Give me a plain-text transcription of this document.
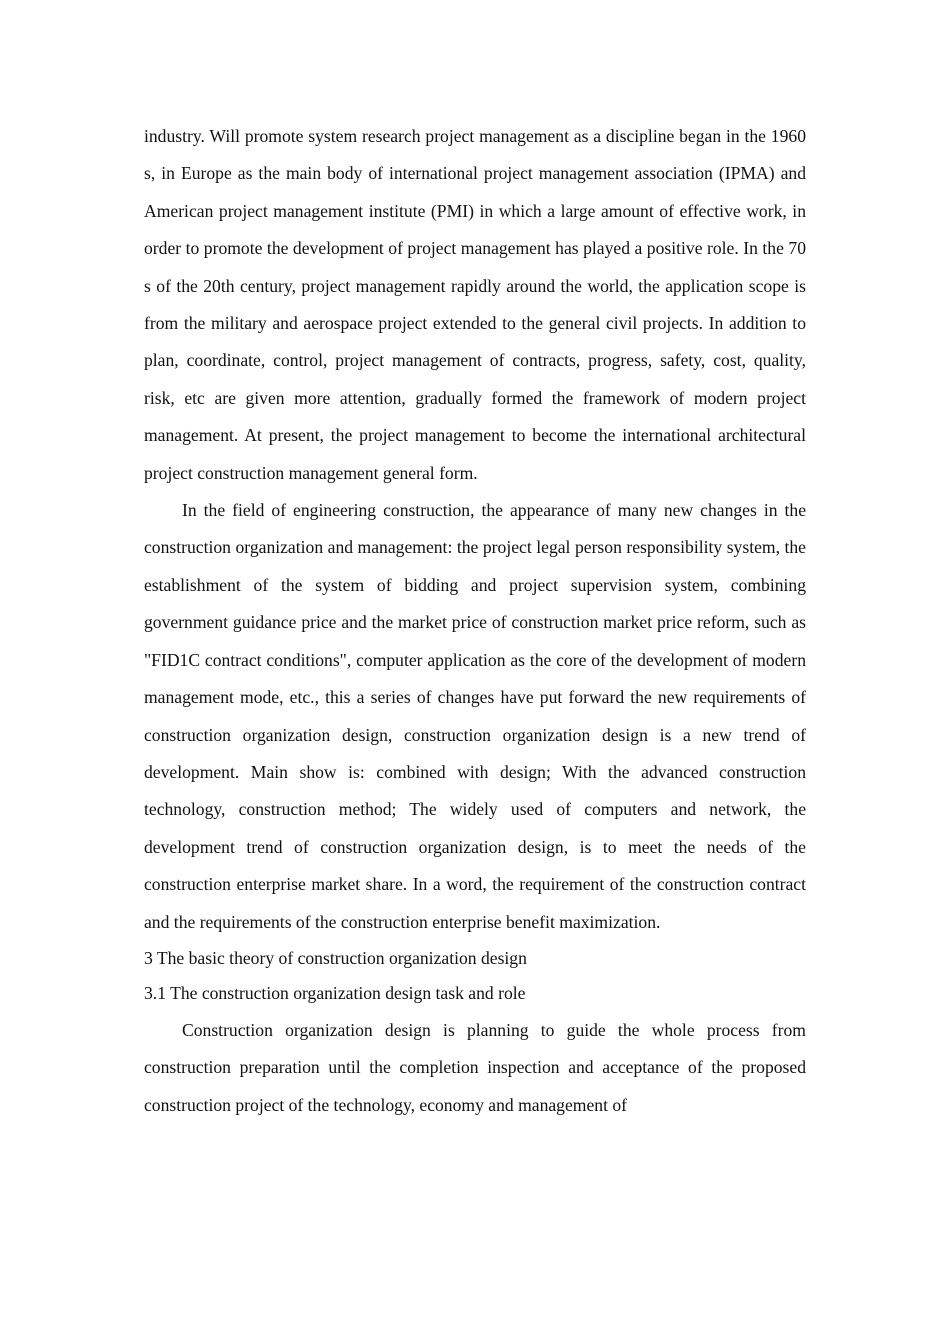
industry. Will promote system research project management as a discipline began in the 1960 s, in Europe as the main body of international project management association (IPMA) and American project management institute (PMI) in which a large amount of effective work, in order to promote the development of project management has played a positive role. In the 70 s of the 20th century, project management rapidly around the world, the application scope is from the military and aerospace project extended to the general civil projects. In addition to plan, coordinate, control, project management of contracts, progress, safety, cost, quality, risk, etc are given more attention, gradually formed the framework of modern project management. At present, the project management to become the international architectural project construction management general form.

In the field of engineering construction, the appearance of many new changes in the construction organization and management: the project legal person responsibility system, the establishment of the system of bidding and project supervision system, combining government guidance price and the market price of construction market price reform, such as "FID1C contract conditions", computer application as the core of the development of modern management mode, etc., this a series of changes have put forward the new requirements of construction organization design, construction organization design is a new trend of development. Main show is: combined with design; With the advanced construction technology, construction method; The widely used of computers and network, the development trend of construction organization design, is to meet the needs of the construction enterprise market share. In a word, the requirement of the construction contract and the requirements of the construction enterprise benefit maximization.

3 The basic theory of construction organization design

3.1 The construction organization design task and role

Construction organization design is planning to guide the whole process from construction preparation until the completion inspection and acceptance of the proposed construction project of the technology, economy and management of
